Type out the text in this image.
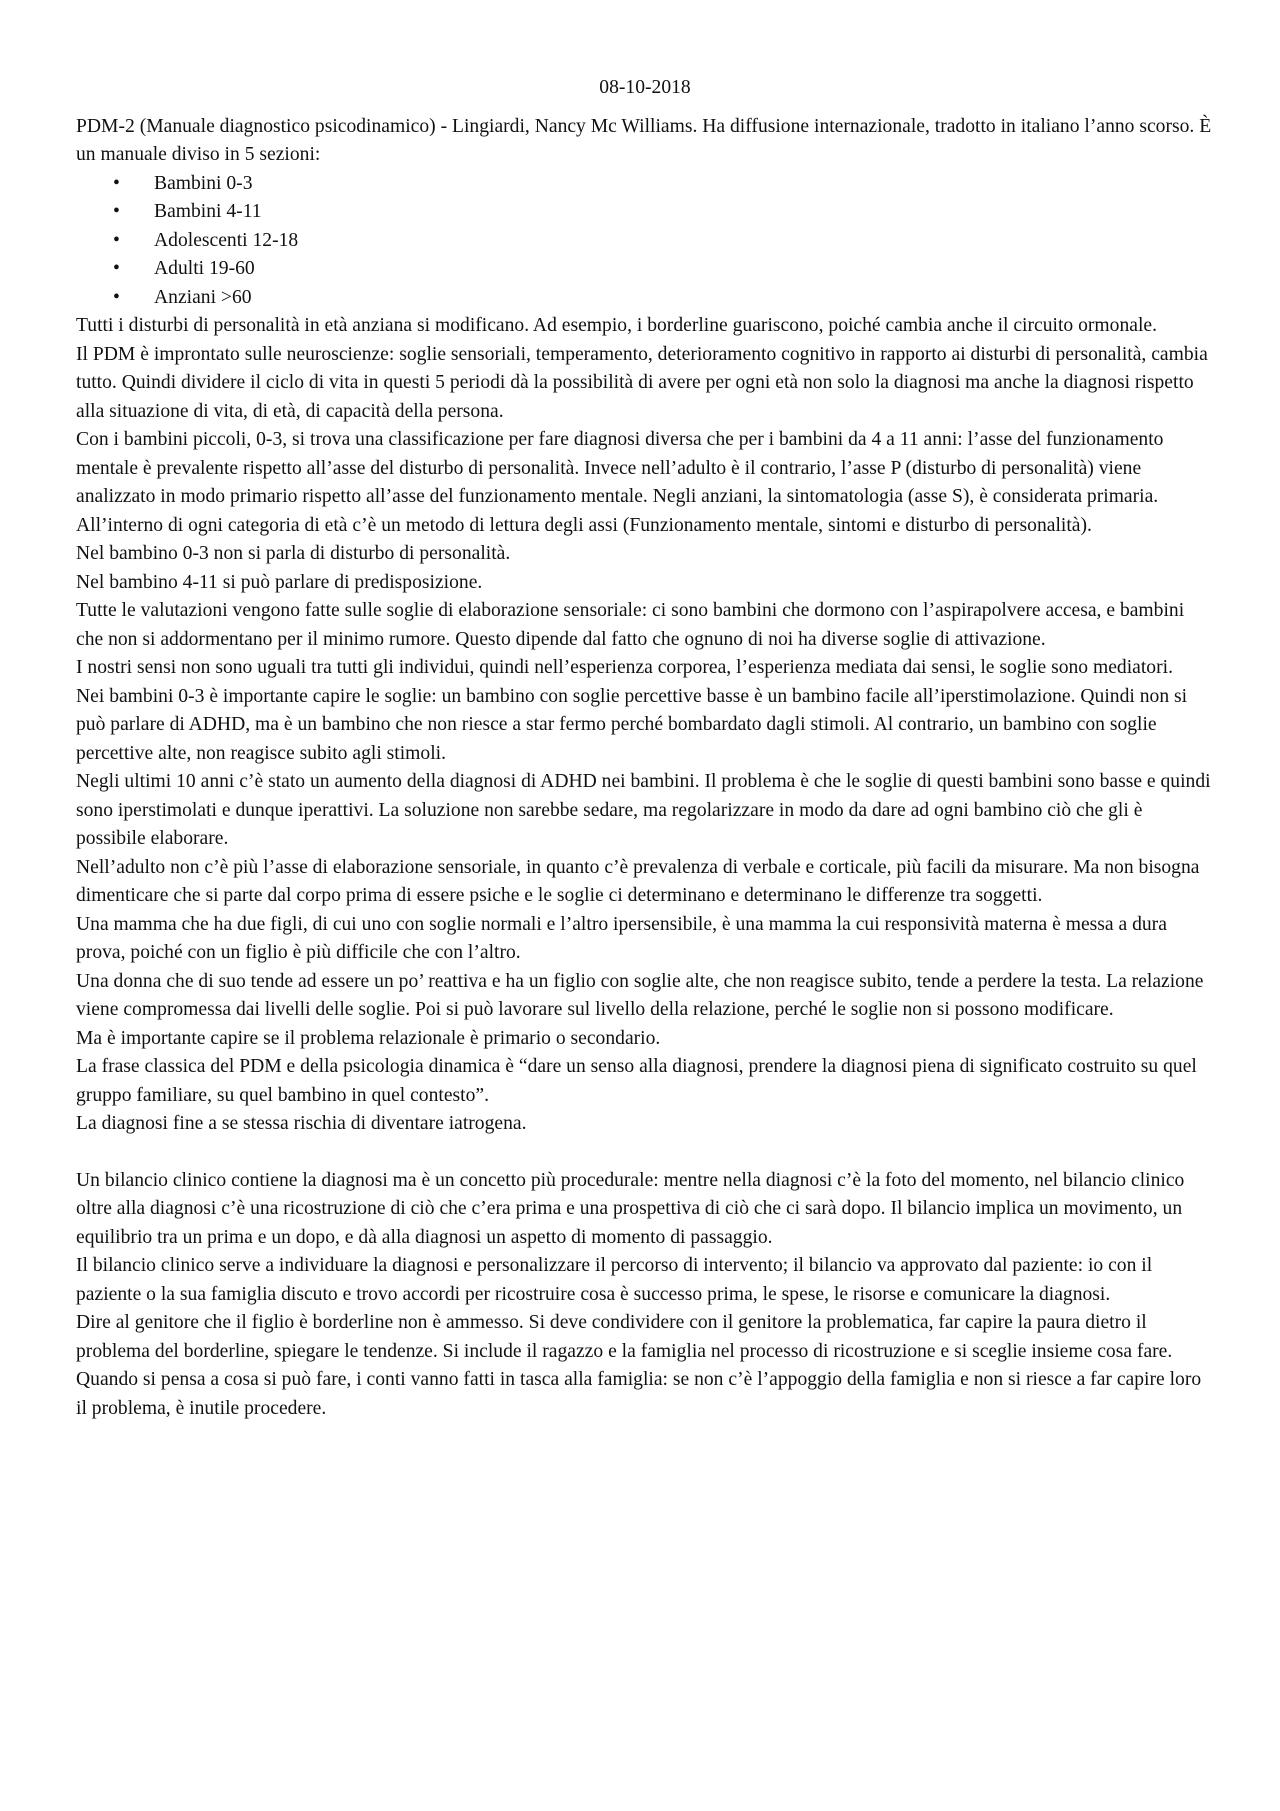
08-10-2018

PDM-2 (Manuale diagnostico psicodinamico) - Lingiardi, Nancy Mc Williams. Ha diffusione internazionale, tradotto in italiano l’anno scorso. È un manuale diviso in 5 sezioni:

• Bambini 0-3
• Bambini 4-11
• Adolescenti 12-18
• Adulti 19-60
• Anziani >60

Tutti i disturbi di personalità in età anziana si modificano. Ad esempio, i borderline guariscono, poiché cambia anche il circuito ormonale.

Il PDM è improntato sulle neuroscienze: soglie sensoriali, temperamento, deterioramento cognitivo in rapporto ai disturbi di personalità, cambia tutto. Quindi dividere il ciclo di vita in questi 5 periodi dà la possibilità di avere per ogni età non solo la diagnosi ma anche la diagnosi rispetto alla situazione di vita, di età, di capacità della persona.

Con i bambini piccoli, 0-3, si trova una classificazione per fare diagnosi diversa che per i bambini da 4 a 11 anni: l’asse del funzionamento mentale è prevalente rispetto all’asse del disturbo di personalità. Invece nell’adulto è il contrario, l’asse P (disturbo di personalità) viene analizzato in modo primario rispetto all’asse del funzionamento mentale. Negli anziani, la sintomatologia (asse S), è considerata primaria.

All’interno di ogni categoria di età c’è un metodo di lettura degli assi (Funzionamento mentale, sintomi e disturbo di personalità).

Nel bambino 0-3 non si parla di disturbo di personalità.

Nel bambino 4-11 si può parlare di predisposizione.

Tutte le valutazioni vengono fatte sulle soglie di elaborazione sensoriale: ci sono bambini che dormono con l’aspirapolvere accesa, e bambini che non si addormentano per il minimo rumore. Questo dipende dal fatto che ognuno di noi ha diverse soglie di attivazione.

I nostri sensi non sono uguali tra tutti gli individui, quindi nell’esperienza corporea, l’esperienza mediata dai sensi, le soglie sono mediatori.

Nei bambini 0-3 è importante capire le soglie: un bambino con soglie percettive basse è un bambino facile all’iperstimolazione. Quindi non si può parlare di ADHD, ma è un bambino che non riesce a star fermo perché bombardato dagli stimoli. Al contrario, un bambino con soglie percettive alte, non reagisce subito agli stimoli.

Negli ultimi 10 anni c’è stato un aumento della diagnosi di ADHD nei bambini. Il problema è che le soglie di questi bambini sono basse e quindi sono iperstimolati e dunque iperattivi. La soluzione non sarebbe sedare, ma regolarizzare in modo da dare ad ogni bambino ciò che gli è possibile elaborare.

Nell’adulto non c’è più l’asse di elaborazione sensoriale, in quanto c’è prevalenza di verbale e corticale, più facili da misurare. Ma non bisogna dimenticare che si parte dal corpo prima di essere psiche e le soglie ci determinano e determinano le differenze tra soggetti.

Una mamma che ha due figli, di cui uno con soglie normali e l’altro ipersensibile, è una mamma la cui responsività materna è messa a dura prova, poiché con un figlio è più difficile che con l’altro.

Una donna che di suo tende ad essere un po’ reattiva e ha un figlio con soglie alte, che non reagisce subito, tende a perdere la testa. La relazione viene compromessa dai livelli delle soglie. Poi si può lavorare sul livello della relazione, perché le soglie non si possono modificare.

Ma è importante capire se il problema relazionale è primario o secondario.

La frase classica del PDM e della psicologia dinamica è “dare un senso alla diagnosi, prendere la diagnosi piena di significato costruito su quel gruppo familiare, su quel bambino in quel contesto”.

La diagnosi fine a se stessa rischia di diventare iatrogena.

Un bilancio clinico contiene la diagnosi ma è un concetto più procedurale: mentre nella diagnosi c’è la foto del momento, nel bilancio clinico oltre alla diagnosi c’è una ricostruzione di ciò che c’era prima e una prospettiva di ciò che ci sarà dopo. Il bilancio implica un movimento, un equilibrio tra un prima e un dopo, e dà alla diagnosi un aspetto di momento di passaggio.

Il bilancio clinico serve a individuare la diagnosi e personalizzare il percorso di intervento; il bilancio va approvato dal paziente: io con il paziente o la sua famiglia discuto e trovo accordi per ricostruire cosa è successo prima, le spese, le risorse e comunicare la diagnosi.

Dire al genitore che il figlio è borderline non è ammesso. Si deve condividere con il genitore la problematica, far capire la paura dietro il problema del borderline, spiegare le tendenze. Si include il ragazzo e la famiglia nel processo di ricostruzione e si sceglie insieme cosa fare.

Quando si pensa a cosa si può fare, i conti vanno fatti in tasca alla famiglia: se non c’è l’appoggio della famiglia e non si riesce a far capire loro il problema, è inutile procedere.
